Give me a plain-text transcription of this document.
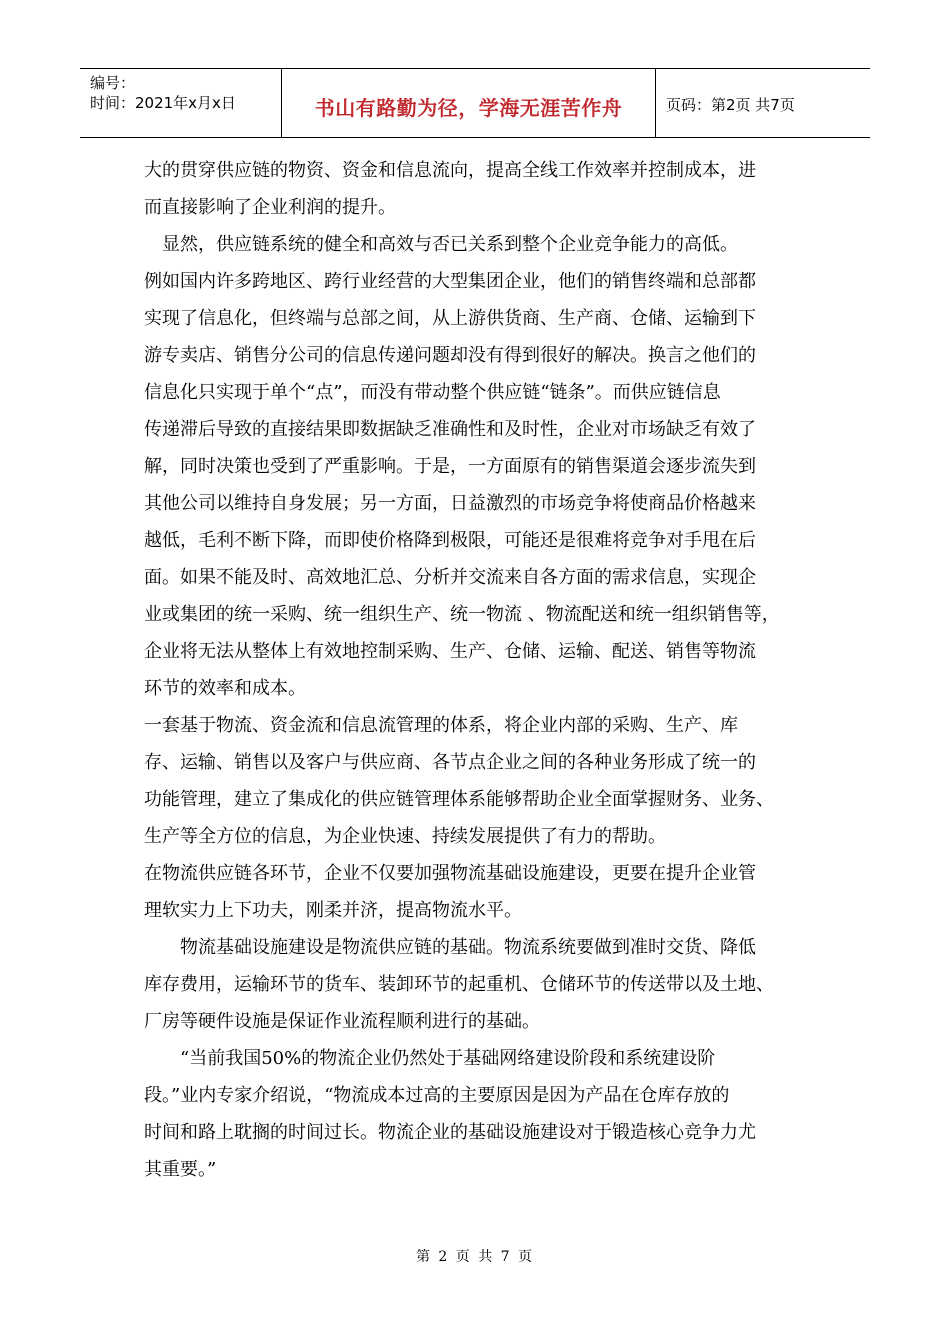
编号：
时间：2021年x月x日	书山有路勤为径，学海无涯苦作舟	页码：第2页 共7页
大的贯穿供应链的物资、资金和信息流向，提高全线工作效率并控制成本，进
而直接影响了企业利润的提升。
　显然，供应链系统的健全和高效与否已关系到整个企业竞争能力的高低。
例如国内许多跨地区、跨行业经营的大型集团企业，他们的销售终端和总部都
实现了信息化，但终端与总部之间，从上游供货商、生产商、仓储、运输到下
游专卖店、销售分公司的信息传递问题却没有得到很好的解决。换言之他们的
信息化只实现于单个“点”，而没有带动整个供应链“链条”。而供应链信息
传递滞后导致的直接结果即数据缺乏准确性和及时性，企业对市场缺乏有效了
解，同时决策也受到了严重影响。于是，一方面原有的销售渠道会逐步流失到
其他公司以维持自身发展；另一方面，日益激烈的市场竞争将使商品价格越来
越低，毛利不断下降，而即使价格降到极限，可能还是很难将竞争对手甩在后
面。如果不能及时、高效地汇总、分析并交流来自各方面的需求信息，实现企
业或集团的统一采购、统一组织生产、统一物流 、物流配送和统一组织销售等，
企业将无法从整体上有效地控制采购、生产、仓储、运输、配送、销售等物流
环节的效率和成本。
一套基于物流、资金流和信息流管理的体系，将企业内部的采购、生产、库
存、运输、销售以及客户与供应商、各节点企业之间的各种业务形成了统一的
功能管理，建立了集成化的供应链管理体系能够帮助企业全面掌握财务、业务、
生产等全方位的信息，为企业快速、持续发展提供了有力的帮助。
在物流供应链各环节，企业不仅要加强物流基础设施建设，更要在提升企业管
理软实力上下功夫，刚柔并济，提高物流水平。
　　物流基础设施建设是物流供应链的基础。物流系统要做到准时交货、降低
库存费用，运输环节的货车、装卸环节的起重机、仓储环节的传送带以及土地、
厂房等硬件设施是保证作业流程顺利进行的基础。
　　“当前我国50%的物流企业仍然处于基础网络建设阶段和系统建设阶
段。”业内专家介绍说，“物流成本过高的主要原因是因为产品在仓库存放的
时间和路上耽搁的时间过长。物流企业的基础设施建设对于锻造核心竞争力尤
其重要。”
第 2 页 共 7 页
